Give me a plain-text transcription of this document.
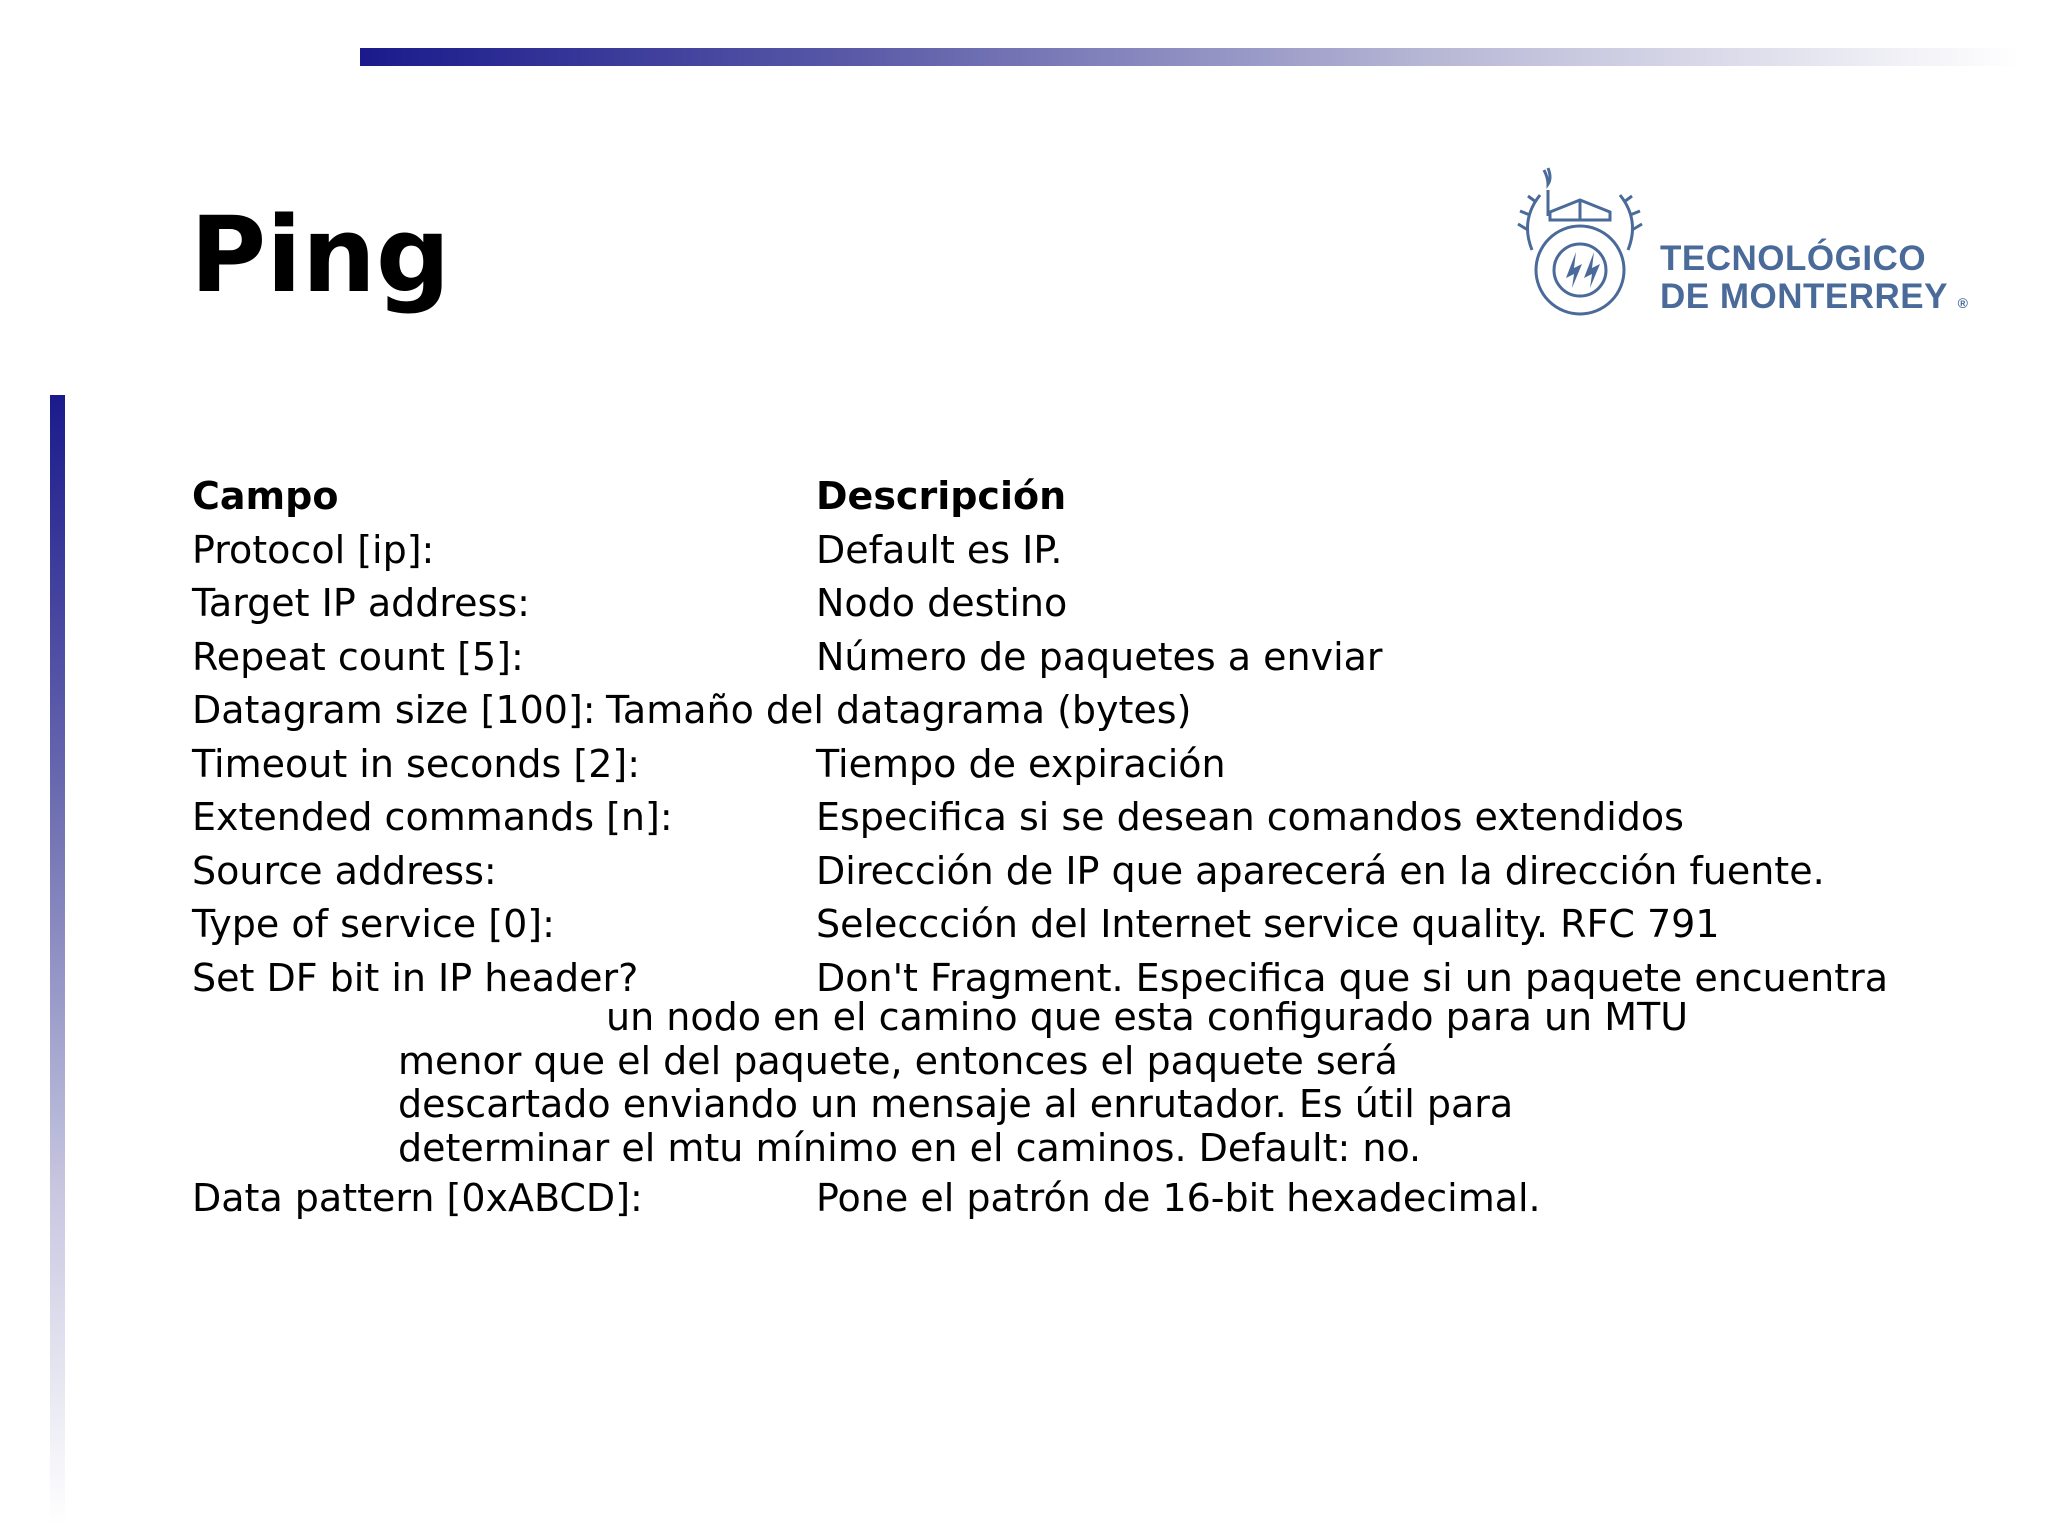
Ping	TECNOLÓGICO
DE MONTERREY ®
Campo	Descripción
Protocol [ip]:	Default es IP.
Target IP address:	Nodo destino
Repeat count [5]:	Número de paquetes a enviar
Datagram size [100]: Tamaño del datagrama (bytes)
Timeout in seconds [2]:	Tiempo de expiración
Extended commands [n]:	Especifica si se desean comandos extendidos
Source address:	Dirección de IP que aparecerá en la dirección fuente.
Type of service [0]:	Seleccción del Internet service quality. RFC 791
Set DF bit in IP header?	Don't Fragment. Especifica que si un paquete encuentra
un nodo en el camino que esta configurado para un MTU
menor que el del paquete, entonces el paquete será
descartado enviando un mensaje al enrutador. Es útil para
determinar el mtu mínimo en el caminos. Default: no.
Data pattern [0xABCD]:	Pone el patrón de 16-bit hexadecimal.
